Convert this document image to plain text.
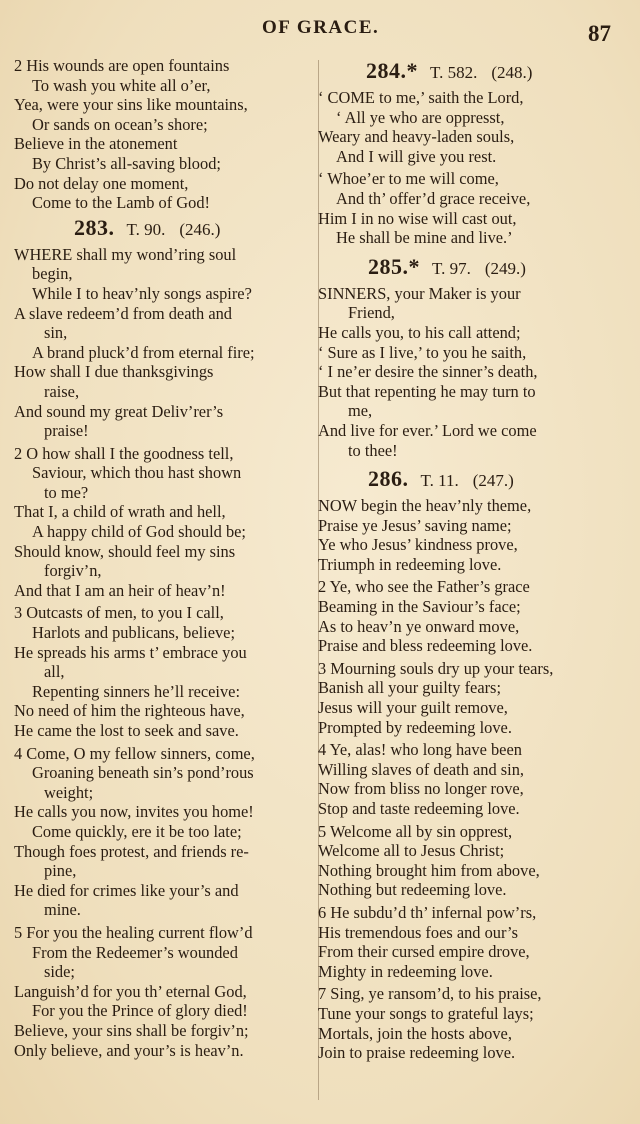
OF GRACE.	87
2 His wounds are open fountains
To wash you white all o’er,
Yea, were your sins like mountains,
Or sands on ocean’s shore;
Believe in the atonement
By Christ’s all-saving blood;
Do not delay one moment,
Come to the Lamb of God!
283. T. 90. (246.)
WHERE shall my wond’ring soul
begin,
While I to heav’nly songs aspire?
A slave redeem’d from death and
sin,
A brand pluck’d from eternal fire;
How shall I due thanksgivings
raise,
And sound my great Deliv’rer’s
praise!
2 O how shall I the goodness tell,
Saviour, which thou hast shown
to me?
That I, a child of wrath and hell,
A happy child of God should be;
Should know, should feel my sins
forgiv’n,
And that I am an heir of heav’n!
3 Outcasts of men, to you I call,
Harlots and publicans, believe;
He spreads his arms t’ embrace you
all,
Repenting sinners he’ll receive:
No need of him the righteous have,
He came the lost to seek and save.
4 Come, O my fellow sinners, come,
Groaning beneath sin’s pond’rous
weight;
He calls you now, invites you home!
Come quickly, ere it be too late;
Though foes protest, and friends re-
pine,
He died for crimes like your’s and
mine.
5 For you the healing current flow’d
From the Redeemer’s wounded
side;
Languish’d for you th’ eternal God,
For you the Prince of glory died!
Believe, your sins shall be forgiv’n;
Only believe, and your’s is heav’n.
284.* T. 582. (248.)
‘ COME to me,’ saith the Lord,
‘ All ye who are oppresst,
Weary and heavy-laden souls,
And I will give you rest.
‘ Whoe’er to me will come,
And th’ offer’d grace receive,
Him I in no wise will cast out,
He shall be mine and live.’
285.* T. 97. (249.)
SINNERS, your Maker is your
Friend,
He calls you, to his call attend;
‘ Sure as I live,’ to you he saith,
‘ I ne’er desire the sinner’s death,
But that repenting he may turn to
me,
And live for ever.’ Lord we come
to thee!
286. T. 11. (247.)
NOW begin the heav’nly theme,
Praise ye Jesus’ saving name;
Ye who Jesus’ kindness prove,
Triumph in redeeming love.
2 Ye, who see the Father’s grace
Beaming in the Saviour’s face;
As to heav’n ye onward move,
Praise and bless redeeming love.
3 Mourning souls dry up your tears,
Banish all your guilty fears;
Jesus will your guilt remove,
Prompted by redeeming love.
4 Ye, alas! who long have been
Willing slaves of death and sin,
Now from bliss no longer rove,
Stop and taste redeeming love.
5 Welcome all by sin opprest,
Welcome all to Jesus Christ;
Nothing brought him from above,
Nothing but redeeming love.
6 He subdu’d th’ infernal pow’rs,
His tremendous foes and our’s
From their cursed empire drove,
Mighty in redeeming love.
7 Sing, ye ransom’d, to his praise,
Tune your songs to grateful lays;
Mortals, join the hosts above,
Join to praise redeeming love.
